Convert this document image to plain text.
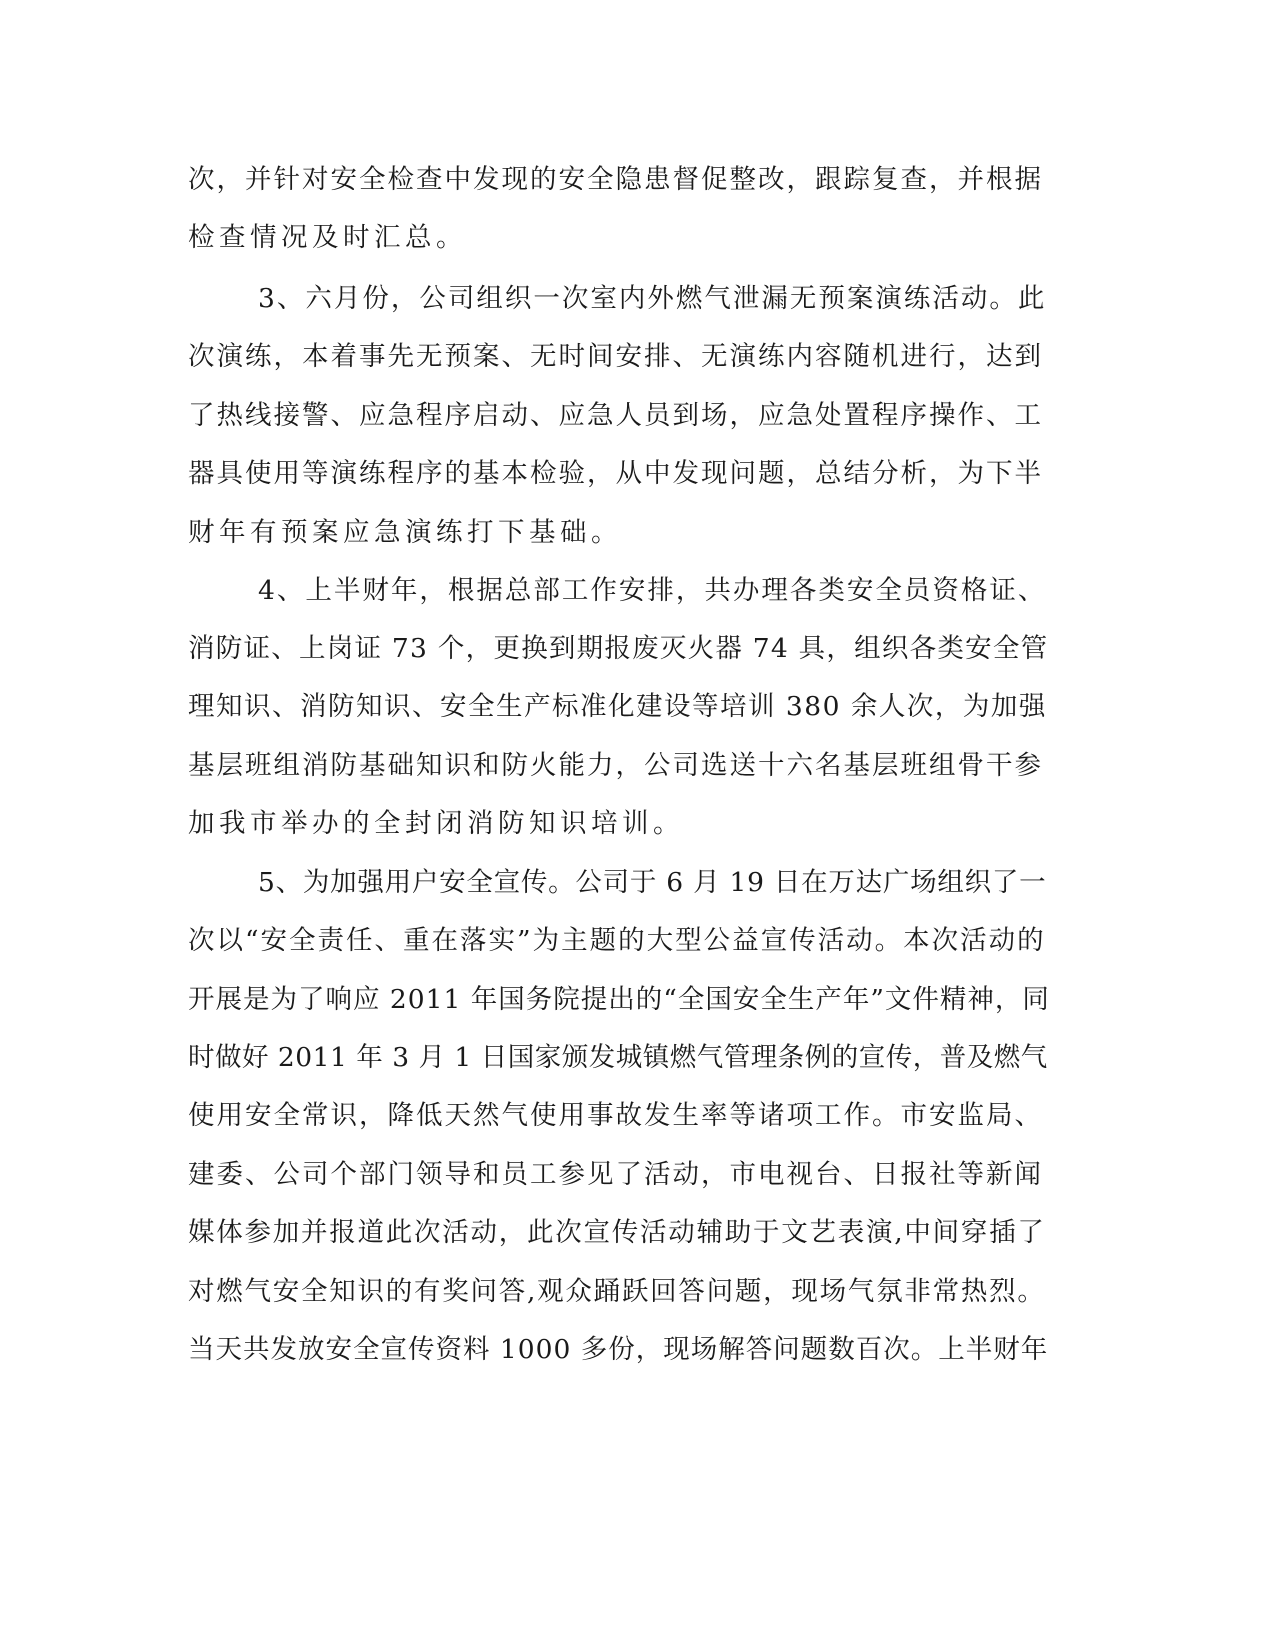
次，并针对安全检查中发现的安全隐患督促整改，跟踪复查，并根据
检查情况及时汇总。
3、六月份，公司组织一次室内外燃气泄漏无预案演练活动。此
次演练，本着事先无预案、无时间安排、无演练内容随机进行，达到
了热线接警、应急程序启动、应急人员到场，应急处置程序操作、工
器具使用等演练程序的基本检验，从中发现问题，总结分析，为下半
财年有预案应急演练打下基础。
4、上半财年，根据总部工作安排，共办理各类安全员资格证、
消防证、上岗证 73 个，更换到期报废灭火器 74 具，组织各类安全管
理知识、消防知识、安全生产标准化建设等培训 380 余人次，为加强
基层班组消防基础知识和防火能力，公司选送十六名基层班组骨干参
加我市举办的全封闭消防知识培训。
5、为加强用户安全宣传。公司于 6 月 19 日在万达广场组织了一
次以“安全责任、重在落实”为主题的大型公益宣传活动。本次活动的
开展是为了响应 2011 年国务院提出的“全国安全生产年”文件精神，同
时做好 2011 年 3 月 1 日国家颁发城镇燃气管理条例的宣传，普及燃气
使用安全常识，降低天然气使用事故发生率等诸项工作。市安监局、
建委、公司个部门领导和员工参见了活动，市电视台、日报社等新闻
媒体参加并报道此次活动，此次宣传活动辅助于文艺表演,中间穿插了
对燃气安全知识的有奖问答,观众踊跃回答问题，现场气氛非常热烈。
当天共发放安全宣传资料 1000 多份，现场解答问题数百次。上半财年
